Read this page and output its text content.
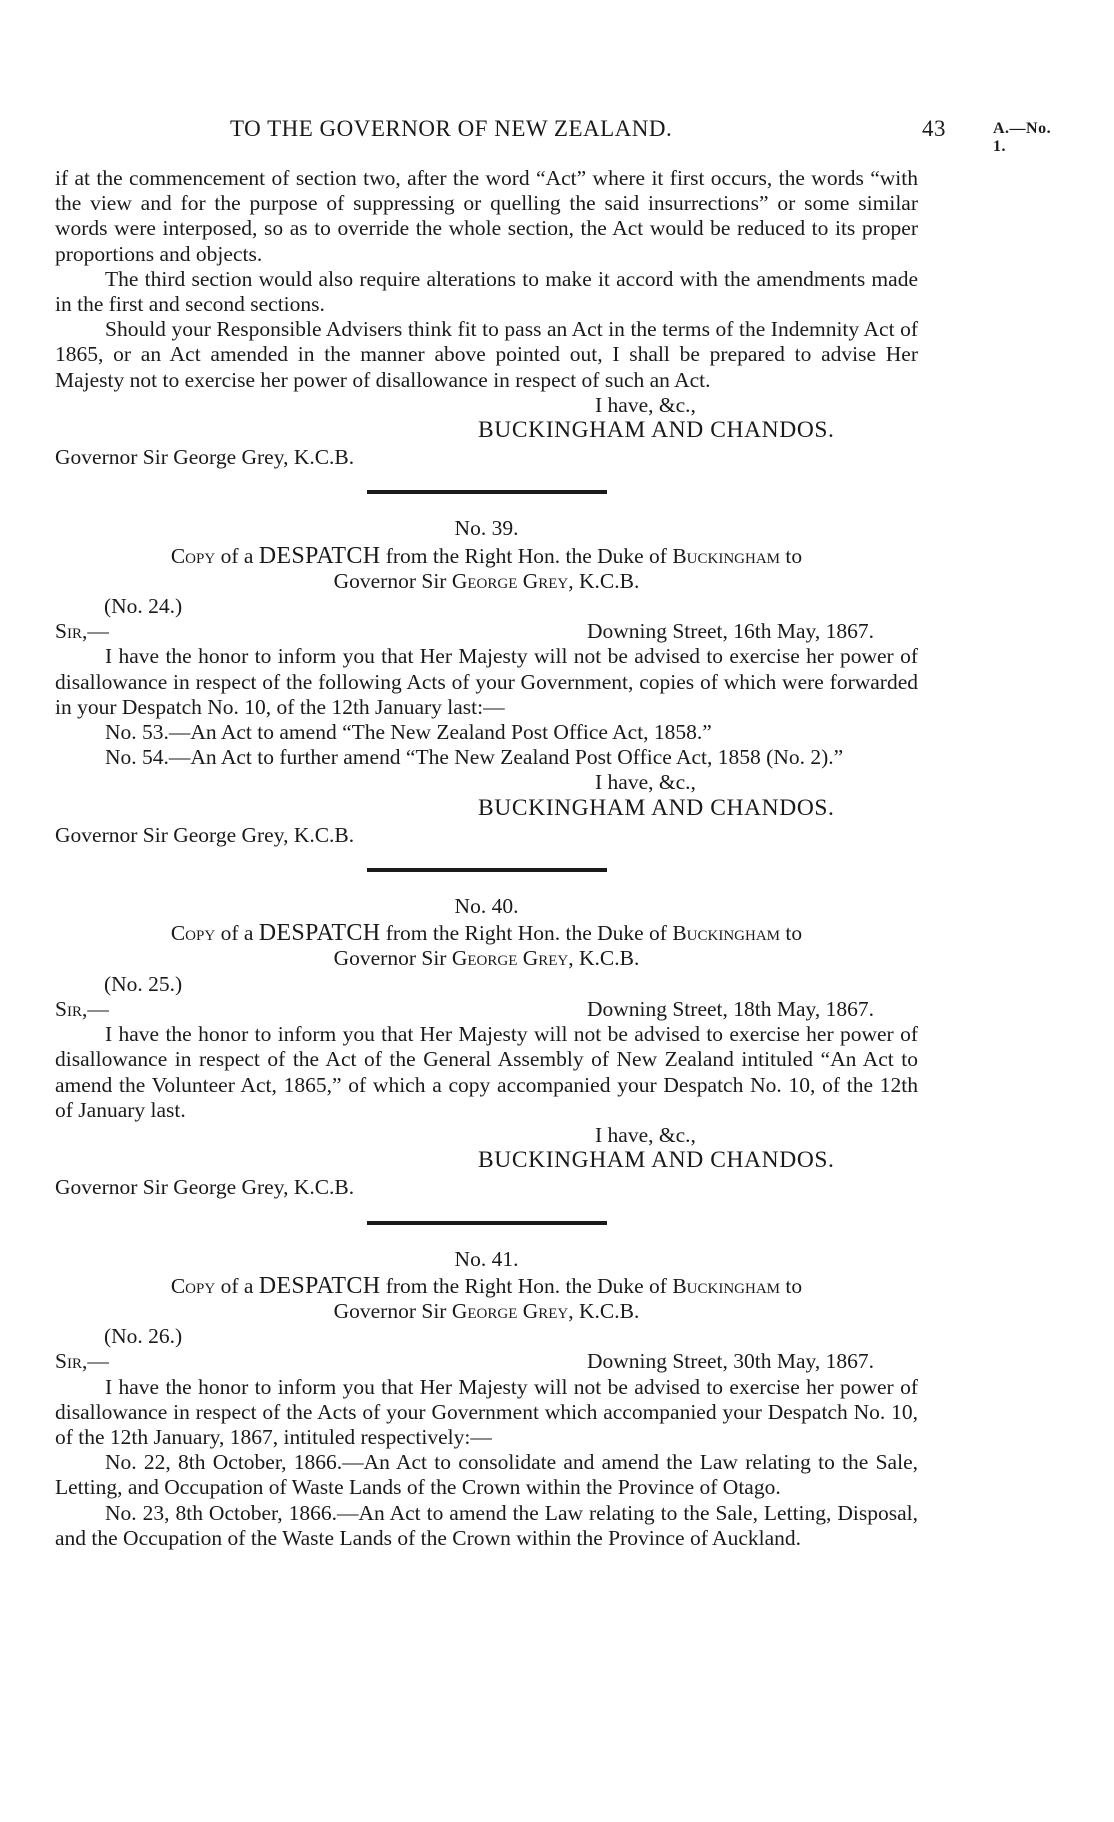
TO THE GOVERNOR OF NEW ZEALAND.	43	A.—No. 1.

if at the commencement of section two, after the word “Act” where it first occurs, the words “with the view and for the purpose of suppressing or quelling the said insurrections” or some similar words were interposed, so as to override the whole section, the Act would be reduced to its proper proportions and objects.

The third section would also require alterations to make it accord with the amendments made in the first and second sections.

Should your Responsible Advisers think fit to pass an Act in the terms of the Indemnity Act of 1865, or an Act amended in the manner above pointed out, I shall be prepared to advise Her Majesty not to exercise her power of disallowance in respect of such an Act.

I have, &c.,

BUCKINGHAM AND CHANDOS.

Governor Sir George Grey, K.C.B.

No. 39.

Copy of a DESPATCH from the Right Hon. the Duke of Buckingham to
Governor Sir George Grey, K.C.B.

(No. 24.)

Sir,—	Downing Street, 16th May, 1867.

I have the honor to inform you that Her Majesty will not be advised to exercise her power of disallowance in respect of the following Acts of your Government, copies of which were forwarded in your Despatch No. 10, of the 12th January last:—

No. 53.—An Act to amend “The New Zealand Post Office Act, 1858.”

No. 54.—An Act to further amend “The New Zealand Post Office Act, 1858 (No. 2).”

I have, &c.,

BUCKINGHAM AND CHANDOS.

Governor Sir George Grey, K.C.B.

No. 40.

Copy of a DESPATCH from the Right Hon. the Duke of Buckingham to
Governor Sir George Grey, K.C.B.

(No. 25.)

Sir,—	Downing Street, 18th May, 1867.

I have the honor to inform you that Her Majesty will not be advised to exercise her power of disallowance in respect of the Act of the General Assembly of New Zealand intituled “An Act to amend the Volunteer Act, 1865,” of which a copy accompanied your Despatch No. 10, of the 12th of January last.

I have, &c.,

BUCKINGHAM AND CHANDOS.

Governor Sir George Grey, K.C.B.

No. 41.

Copy of a DESPATCH from the Right Hon. the Duke of Buckingham to
Governor Sir George Grey, K.C.B.

(No. 26.)

Sir,—	Downing Street, 30th May, 1867.

I have the honor to inform you that Her Majesty will not be advised to exercise her power of disallowance in respect of the Acts of your Government which accompanied your Despatch No. 10, of the 12th January, 1867, intituled respectively:—

No. 22, 8th October, 1866.—An Act to consolidate and amend the Law relating to the Sale, Letting, and Occupation of Waste Lands of the Crown within the Province of Otago.

No. 23, 8th October, 1866.—An Act to amend the Law relating to the Sale, Letting, Disposal, and the Occupation of the Waste Lands of the Crown within the Province of Auckland.
